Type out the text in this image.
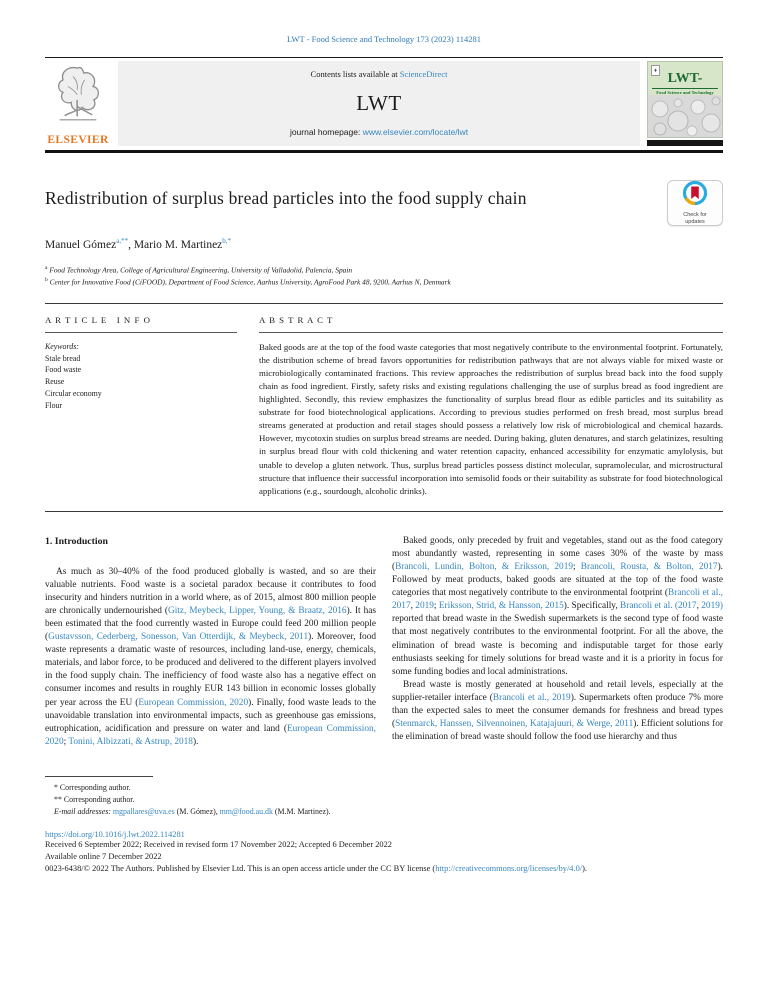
LWT - Food Science and Technology 173 (2023) 114281
ELSEVIER
Contents lists available at ScienceDirect
LWT
journal homepage: www.elsevier.com/locate/lwt
♦ LWT-
Food Science and Technology
Redistribution of surplus bread particles into the food supply chain
Check for
updates
Manuel Gómez$^{a,**}$, Mario M. Martinez$^{b,*}$
$^a$ Food Technology Area, College of Agricultural Engineering, University of Valladolid, Palencia, Spain
$^b$ Center for Innovative Food (CiFOOD), Department of Food Science, Aarhus University, AgroFood Park 48, 9200, Aarhus N, Denmark
A R T I C L E   I N F O
Keywords:
Stale bread
Food waste
Reuse
Circular economy
Flour
A B S T R A C T
Baked goods are at the top of the food waste categories that most negatively contribute to the environmental footprint. Fortunately, the distribution scheme of bread favors opportunities for redistribution pathways that are not always viable for mixed waste or microbiologically contaminated fractions. This review approaches the redistribution of surplus bread back into the food supply chain as food ingredient. Firstly, safety risks and existing regulations challenging the use of surplus bread as food ingredient are highlighted. Secondly, this review emphasizes the functionality of surplus bread flour as edible particles and its suitability as substrate for food biotechnological applications. According to previous studies performed on fresh bread, most surplus bread streams generated at production and retail stages should possess a relatively low risk of microbiological and chemical hazards. However, mycotoxin studies on surplus bread streams are needed. During baking, gluten denatures, and starch gelatinizes, resulting in surplus bread flour with cold thickening and water retention capacity, enhanced accessibility for enzymatic amylolysis, but unable to develop a gluten network. Thus, surplus bread particles possess distinct molecular, supramolecular, and microstructural structure that influence their successful incorporation into semisolid foods or their suitability as substrate for food biotechnological applications (e.g., sourdough, alcoholic drinks).
1. Introduction

As much as 30–40% of the food produced globally is wasted, and so are their valuable nutrients. Food waste is a societal paradox because it contributes to food insecurity and hinders nutrition in a world where, as of 2015, almost 800 million people are chronically undernourished (Gitz, Meybeck, Lipper, Young, & Braatz, 2016). It has been estimated that the food currently wasted in Europe could feed 200 million people (Gustavsson, Cederberg, Sonesson, Van Otterdijk, & Meybeck, 2011). Moreover, food waste represents a dramatic waste of resources, including land-use, energy, chemicals, materials, and labor force, to be produced and delivered to the different players involved in the food supply chain. The inefficiency of food waste also has a negative effect on consumer incomes and results in roughly EUR 143 billion in economic losses globally per year across the EU (European Commission, 2020). Finally, food waste leads to the unavoidable translation into environmental impacts, such as greenhouse gas emissions, eutrophication, acidification and pressure on water and land (European Commission, 2020; Tonini, Albizzati, & Astrup, 2018).

Baked goods, only preceded by fruit and vegetables, stand out as the food category most abundantly wasted, representing in some cases 30% of the waste by mass (Brancoli, Lundin, Bolton, & Eriksson, 2019; Brancoli, Rousta, & Bolton, 2017). Followed by meat products, baked goods are situated at the top of the food waste categories that most negatively contribute to the environmental footprint (Brancoli et al., 2017, 2019; Eriksson, Strid, & Hansson, 2015). Specifically, Brancoli et al. (2017, 2019) reported that bread waste in the Swedish supermarkets is the second type of food waste that most negatively contributes to the environmental footprint. For all the above, the elimination of bread waste is becoming and indisputable target for those early enthusiasts seeking for timely solutions for bread waste and it is a priority in focus for some funding bodies and local administrations.

Bread waste is mostly generated at household and retail levels, especially at the supplier-retailer interface (Brancoli et al., 2019). Supermarkets often produce 7% more than the expected sales to meet the consumer demands for freshness and bread types (Stenmarck, Hanssen, Silvennoinen, Katajajuuri, & Werge, 2011). Efficient solutions for the elimination of bread waste should follow the food use hierarchy and thus

* Corresponding author.
** Corresponding author.
E-mail addresses: mgpallares@uva.es (M. Gómez), mm@food.au.dk (M.M. Martinez).
https://doi.org/10.1016/j.lwt.2022.114281
Received 6 September 2022; Received in revised form 17 November 2022; Accepted 6 December 2022
Available online 7 December 2022
0023-6438/© 2022 The Authors. Published by Elsevier Ltd. This is an open access article under the CC BY license (http://creativecommons.org/licenses/by/4.0/).
